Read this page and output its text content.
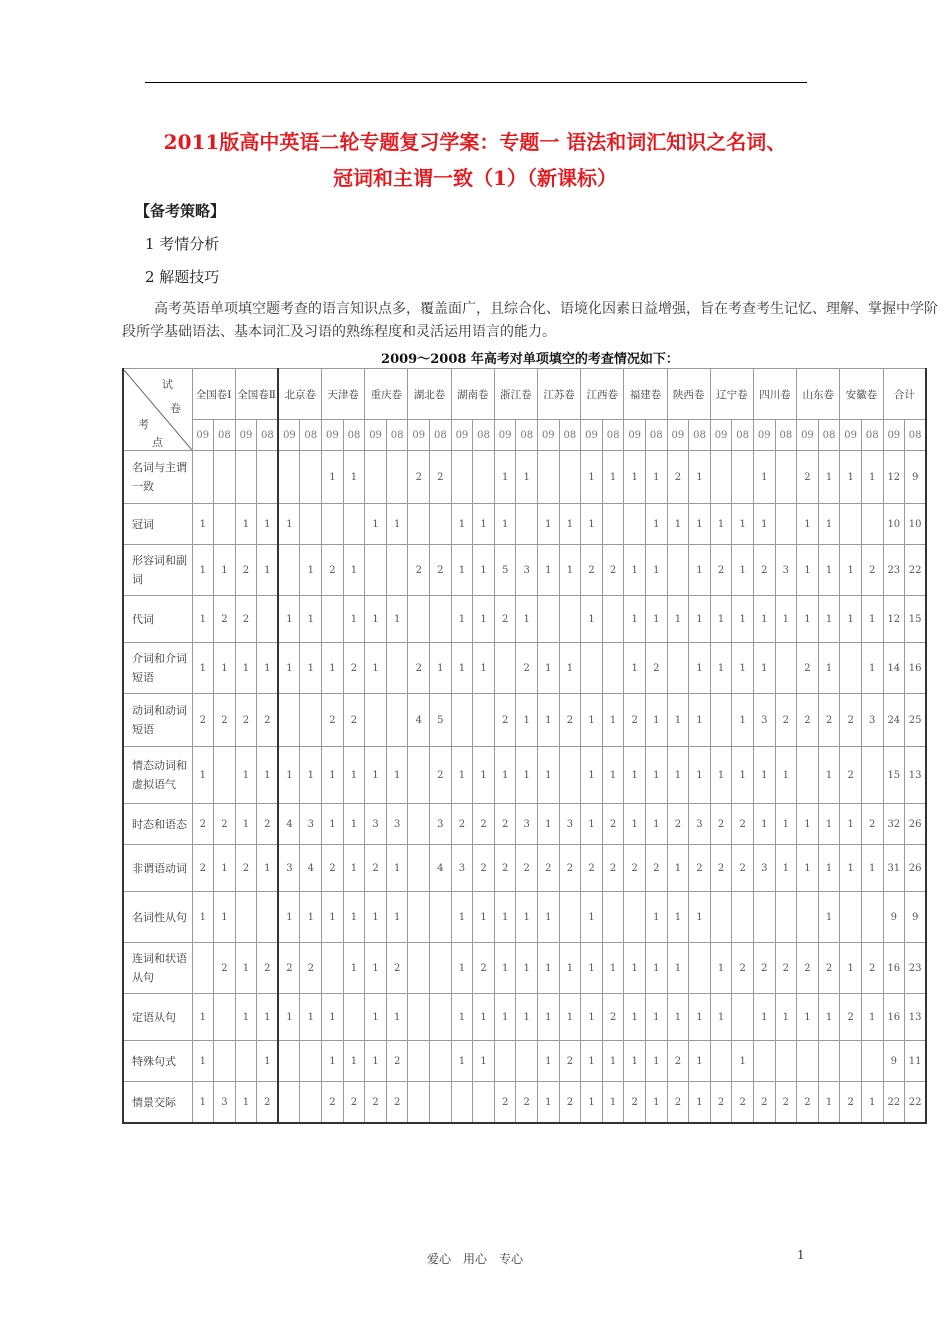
2011版高中英语二轮专题复习学案：专题一 语法和词汇知识之名词、
冠词和主谓一致（1）（新课标）
【备考策略】
1 考情分析
2 解题技巧
高考英语单项填空题考查的语言知识点多，覆盖面广，且综合化、语境化因素日益增强，旨在考查考生记忆、理解、掌握中学阶段所学基础语法、基本词汇及习语的熟练程度和灵活运用语言的能力。
2009～2008 年高考对单项填空的考查情况如下：
试
卷
考
点	全国卷Ⅰ		全国卷Ⅱ		北京卷		天津卷		重庆卷		湖北卷		湖南卷		浙江卷		江苏卷		江西卷		福建卷		陕西卷		辽宁卷		四川卷		山东卷		安徽卷		合计	
	09	08	09	08	09	08	09	08	09	08	09	08	09	08	09	08	09	08	09	08	09	08	09	08	09	08	09	08	09	08	09	08	09	08
名词与主谓一致							1	1			2	2			1	1			1	1	1	1	2	1			1		2	1	1	1	12	9
冠词	1		1	1	1				1	1			1	1	1		1	1	1			1	1	1	1	1	1		1	1			10	10
形容词和副词	1	1	2	1		1	2	1			2	2	1	1	5	3	1	1	2	2	1	1		1	2	1	2	3	1	1	1	2	23	22
代词	1	2	2		1	1		1	1	1			1	1	2	1			1		1	1	1	1	1	1	1	1	1	1	1	1	12	15
介词和介词短语	1	1	1	1	1	1	1	2	1		2	1	1	1		2	1	1			1	2		1	1	1	1		2	1		1	14	16
动词和动词短语	2	2	2	2			2	2			4	5			2	1	1	2	1	1	2	1	1	1		1	3	2	2	2	2	3	24	25
情态动词和虚拟语气	1		1	1	1	1	1	1	1	1		2	1	1	1	1	1		1	1	1	1	1	1	1	1	1	1		1	2		15	13
时态和语态	2	2	1	2	4	3	1	1	3	3		3	2	2	2	3	1	3	1	2	1	1	2	3	2	2	1	1	1	1	1	2	32	26
非谓语动词	2	1	2	1	3	4	2	1	2	1		4	3	2	2	2	2	2	2	2	2	2	1	2	2	2	3	1	1	1	1	1	31	26
名词性从句	1	1			1	1	1	1	1	1			1	1	1	1	1		1			1	1	1						1			9	9
连词和状语从句		2	1	2	2	2		1	1	2			1	2	1	1	1	1	1	1	1	1	1		1	2	2	2	2	2	1	2	16	23
定语从句	1		1	1	1	1	1		1	1			1	1	1	1	1	1	1	2	1	1	1	1	1		1	1	1	1	2	1	16	13
特殊句式	1			1			1	1	1	2			1	1			1	2	1	1	1	1	2	1		1							9	11
情景交际	1	3	1	2			2	2	2	2					2	2	1	2	1	1	2	1	2	1	2	2	2	2	2	1	2	1	22	22
爱心　用心　专心	1
